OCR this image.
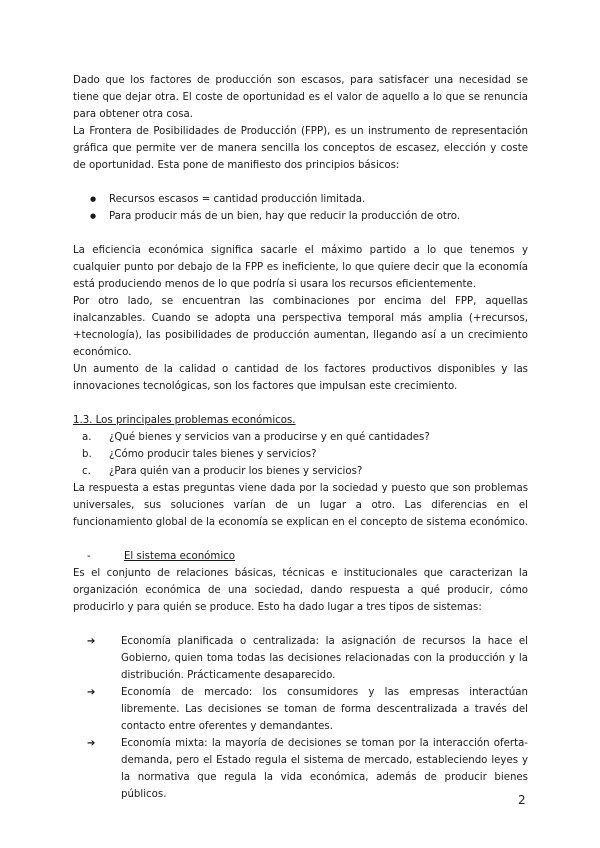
Dado que los factores de producción son escasos, para satisfacer una necesidad se tiene que dejar otra. El coste de oportunidad es el valor de aquello a lo que se renuncia para obtener otra cosa.

La Frontera de Posibilidades de Producción (FPP), es un instrumento de representación gráfica que permite ver de manera sencilla los conceptos de escasez, elección y coste de oportunidad. Esta pone de manifiesto dos principios básicos:

● Recursos escasos = cantidad producción limitada.
● Para producir más de un bien, hay que reducir la producción de otro.

La eficiencia económica significa sacarle el máximo partido a lo que tenemos y cualquier punto por debajo de la FPP es ineficiente, lo que quiere decir que la economía está produciendo menos de lo que podría si usara los recursos eficientemente.

Por otro lado, se encuentran las combinaciones por encima del FPP, aquellas inalcanzables. Cuando se adopta una perspectiva temporal más amplia (+recursos, +tecnología), las posibilidades de producción aumentan, llegando así a un crecimiento económico.

Un aumento de la calidad o cantidad de los factores productivos disponibles y las innovaciones tecnológicas, son los factores que impulsan este crecimiento.

1.3. Los principales problemas económicos.

a.	¿Qué bienes y servicios van a producirse y en qué cantidades?
b.	¿Cómo producir tales bienes y servicios?
c.	¿Para quién van a producir los bienes y servicios?

La respuesta a estas preguntas viene dada por la sociedad y puesto que son problemas universales, sus soluciones varían de un lugar a otro. Las diferencias en el funcionamiento global de la economía se explican en el concepto de sistema económico.

-	El sistema económico

Es el conjunto de relaciones básicas, técnicas e institucionales que caracterizan la organización económica de una sociedad, dando respuesta a qué producir, cómo producirlo y para quién se produce. Esto ha dado lugar a tres tipos de sistemas:

➔	Economía planificada o centralizada: la asignación de recursos la hace el Gobierno, quien toma todas las decisiones relacionadas con la producción y la distribución. Prácticamente desaparecido.
➔	Economía de mercado: los consumidores y las empresas interactúan libremente. Las decisiones se toman de forma descentralizada a través del contacto entre oferentes y demandantes.
➔	Economía mixta: la mayoría de decisiones se toman por la interacción oferta-demanda, pero el Estado regula el sistema de mercado, estableciendo leyes y la normativa que regula la vida económica, además de producir bienes públicos.	2
